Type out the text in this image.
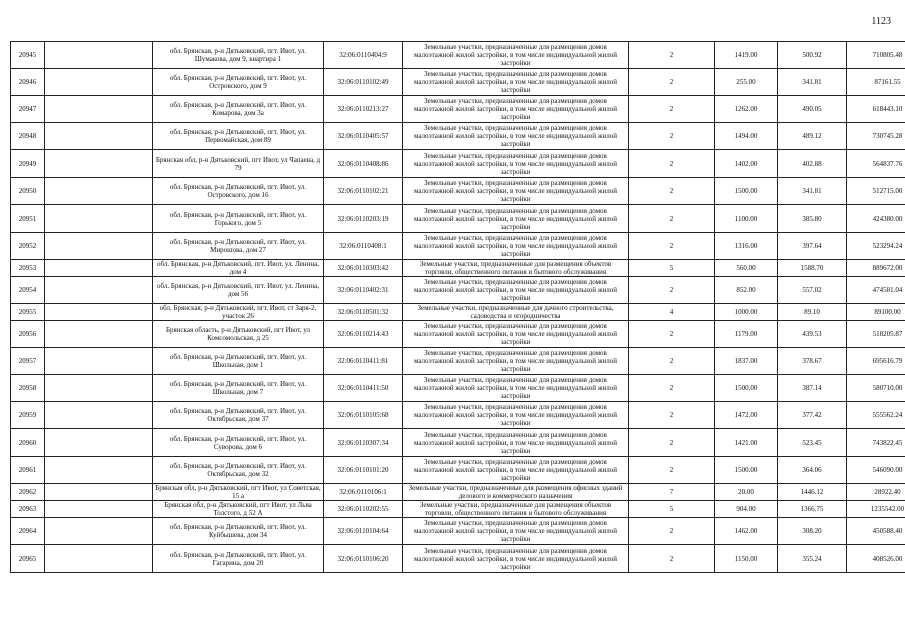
1123
20945		обл. Брянская, р-н Дятьковский, пгт. Ивот, ул. Шумакова, дом 9, квартира 1	32:06:0110404:9	Земельные участки, предназначенные для размещения домов малоэтажной жилой застройки, в том числе индивидуальной жилой застройки	2	1419.00	500.92	710805.48
20946		обл. Брянская, р-н Дятьковский, пгт. Ивот, ул. Островского, дом 9	32:06:0110102:49	Земельные участки, предназначенные для размещения домов малоэтажной жилой застройки, в том числе индивидуальной жилой застройки	2	255.00	341.81	87161.55
20947		обл. Брянская, р-н Дятьковский, пгт. Ивот, ул. Комарова, дом 3а	32:06:0110213:27	Земельные участки, предназначенные для размещения домов малоэтажной жилой застройки, в том числе индивидуальной жилой застройки	2	1262.00	490.05	618443.10
20948		обл. Брянская, р-н Дятьковский, пгт. Ивот, ул. Первомайская, дом 89	32:06:0110405:57	Земельные участки, предназначенные для размещения домов малоэтажной жилой застройки, в том числе индивидуальной жилой застройки	2	1494.00	489.12	730745.28
20949		Брянская обл, р-н Дятьковский, пгт Ивот, ул Чапаева, д 79	32:06:0110408:86	Земельные участки, предназначенные для размещения домов малоэтажной жилой застройки, в том числе индивидуальной жилой застройки	2	1402.00	402.88	564837.76
20950		обл. Брянская, р-н Дятьковский, пгт. Ивот, ул. Островского, дом 16	32:06:0110102:21	Земельные участки, предназначенные для размещения домов малоэтажной жилой застройки, в том числе индивидуальной жилой застройки	2	1500.00	341.81	512715.00
20951		обл. Брянская, р-н Дятьковский, пгт. Ивот, ул. Горького, дом 5	32:06:0110203:19	Земельные участки, предназначенные для размещения домов малоэтажной жилой застройки, в том числе индивидуальной жилой застройки	2	1100.00	385.80	424380.00
20952		обл. Брянская, р-н Дятьковский, пгт. Ивот, ул. Мирошова, дом 27	32:06:0110408:1	Земельные участки, предназначенные для размещения домов малоэтажной жилой застройки, в том числе индивидуальной жилой застройки	2	1316.00	397.64	523294.24
20953		обл. Брянская, р-н Дятьковский, пгт. Ивот, ул. Ленина, дом 4	32:06:0110303:42	Земельные участки, предназначенные для размещения объектов торговли, общественного питания и бытового обслуживания	5	560.00	1588.70	889672.00
20954		обл. Брянская, р-н Дятьковский, пгт. Ивот, ул. Ленина, дом 56	32:06:0110402:31	Земельные участки, предназначенные для размещения домов малоэтажной жилой застройки, в том числе индивидуальной жилой застройки	2	852.00	557.02	474581.04
20955		обл. Брянская, р-н Дятьковский, пгт. Ивот, ст Заря-2, участок 26	32:06:0110501:32	Земельные участки, предназначенные для дачного строительства, садоводства и огородничества	4	1000.00	89.10	89100.00
20956		Брянская область, р-н Дятьковский, пгт Ивот, ул Комсомольская, д 25	32:06:0110214:43	Земельные участки, предназначенные для размещения домов малоэтажной жилой застройки, в том числе индивидуальной жилой застройки	2	1179.00	439.53	518205.87
20957		обл. Брянская, р-н Дятьковский, пгт. Ивот, ул. Школьная, дом 1	32:06:0110411:81	Земельные участки, предназначенные для размещения домов малоэтажной жилой застройки, в том числе индивидуальной жилой застройки	2	1837.00	378.67	695616.79
20958		обл. Брянская, р-н Дятьковский, пгт. Ивот, ул. Школьная, дом 7	32:06:0110411:50	Земельные участки, предназначенные для размещения домов малоэтажной жилой застройки, в том числе индивидуальной жилой застройки	2	1500.00	387.14	580710.00
20959		обл. Брянская, р-н Дятьковский, пгт. Ивот, ул. Октябрьская, дом 37	32:06:0110105:68	Земельные участки, предназначенные для размещения домов малоэтажной жилой застройки, в том числе индивидуальной жилой застройки	2	1472.00	377.42	555562.24
20960		обл. Брянская, р-н Дятьковский, пгт. Ивот, ул. Суворова, дом 6	32:06:0110307:34	Земельные участки, предназначенные для размещения домов малоэтажной жилой застройки, в том числе индивидуальной жилой застройки	2	1421.00	523.45	743822.45
20961		обл. Брянская, р-н Дятьковский, пгт. Ивот, ул. Октябрьская, дом 32	32:06:0110101:20	Земельные участки, предназначенные для размещения домов малоэтажной жилой застройки, в том числе индивидуальной жилой застройки	2	1500.00	364.06	546090.00
20962		Брянская обл, р-н Дятьковский, пгт Ивот, ул Советская, 15 а	32:06:0110106:1	Земельные участки, предназначенные для размещения офисных зданий делового и коммерческого назначения	7	20.00	1446.12	28922.40
20963		Брянская обл, р-н Дятьковский, пгт Ивот, ул Льва Толстого, д 52 А	32:06:0110202:55	Земельные участки, предназначенные для размещения объектов торговли, общественного питания и бытового обслуживания	5	904.00	1366.75	1235542.00
20964		обл. Брянская, р-н Дятьковский, пгт. Ивот, ул. Куйбышева, дом 34	32:06:0110104:64	Земельные участки, предназначенные для размещения домов малоэтажной жилой застройки, в том числе индивидуальной жилой застройки	2	1462.00	308.20	450588.40
20965		обл. Брянская, р-н Дятьковский, пгт. Ивот, ул. Гагарина, дом 20	32:06:0110106:20	Земельные участки, предназначенные для размещения домов малоэтажной жилой застройки, в том числе индивидуальной жилой застройки	2	1150.00	355.24	408526.00
